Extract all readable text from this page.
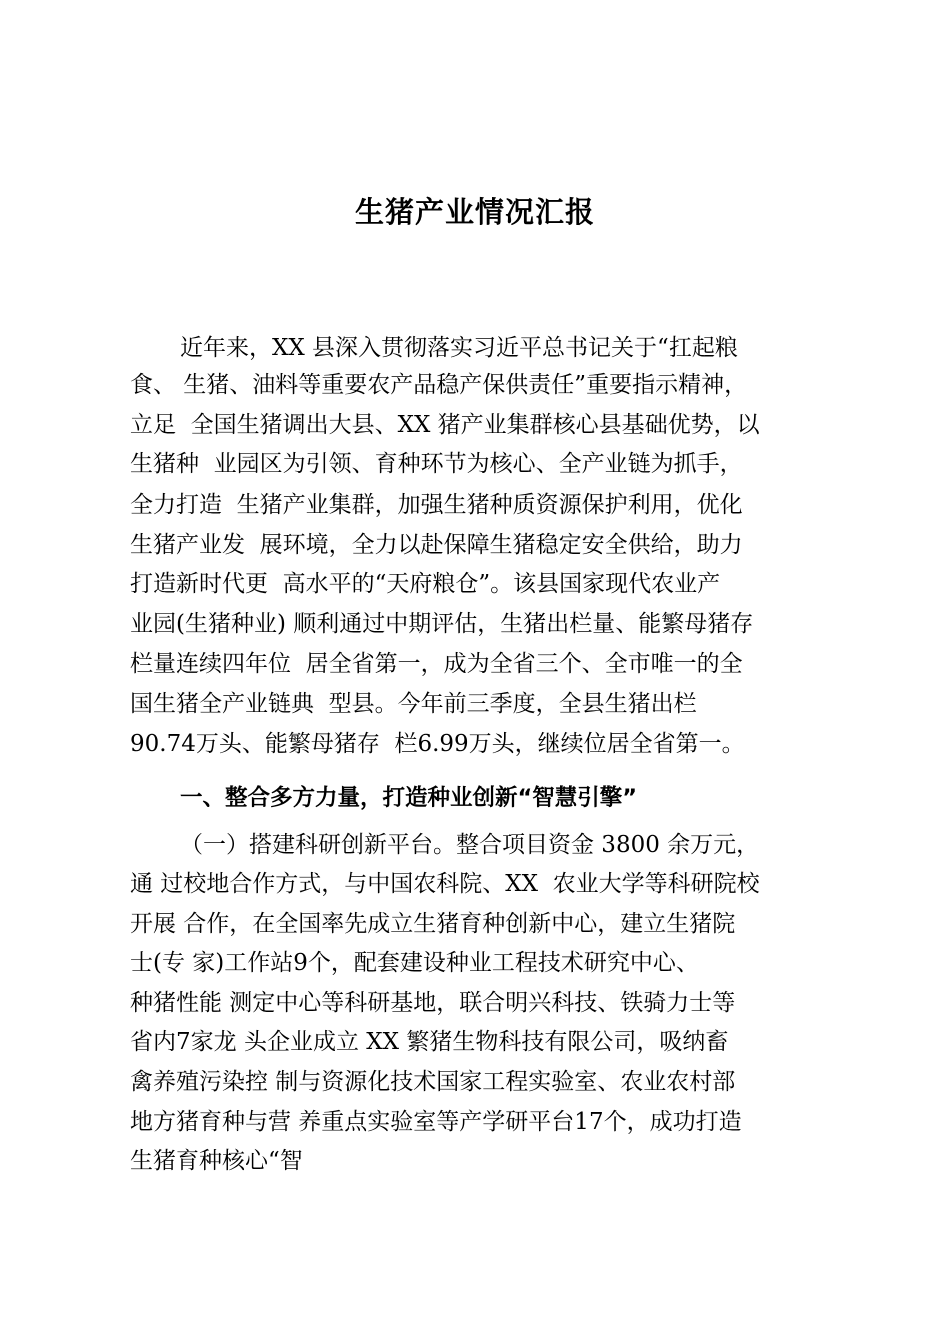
生猪产业情况汇报

近年来，XX 县深入贯彻落实习近平总书记关于“扛起粮

食、 生猪、油料等重要农产品稳产保供责任”重要指示精神，

立足  全国生猪调出大县、XX 猪产业集群核心县基础优势，以

生猪种  业园区为引领、育种环节为核心、全产业链为抓手，

全力打造  生猪产业集群，加强生猪种质资源保护利用，优化

生猪产业发  展环境，全力以赴保障生猪稳定安全供给，助力

打造新时代更  高水平的“天府粮仓”。该县国家现代农业产

业园(生猪种业) 顺利通过中期评估，生猪出栏量、能繁母猪存

栏量连续四年位  居全省第一，成为全省三个、全市唯一的全

国生猪全产业链典  型县。今年前三季度，全县生猪出栏

90.74万头、能繁母猪存  栏6.99万头，继续位居全省第一。

一、整合多方力量，打造种业创新“智慧引擎”

（一）搭建科研创新平台。整合项目资金 3800 余万元，

通 过校地合作方式，与中国农科院、XX  农业大学等科研院校

开展 合作，在全国率先成立生猪育种创新中心，建立生猪院

士(专 家)工作站9个，配套建设种业工程技术研究中心、

种猪性能 测定中心等科研基地，联合明兴科技、铁骑力士等

省内7家龙 头企业成立 XX 繁猪生物科技有限公司，吸纳畜

禽养殖污染控 制与资源化技术国家工程实验室、农业农村部

地方猪育种与营 养重点实验室等产学研平台17个，成功打造

生猪育种核心“智
